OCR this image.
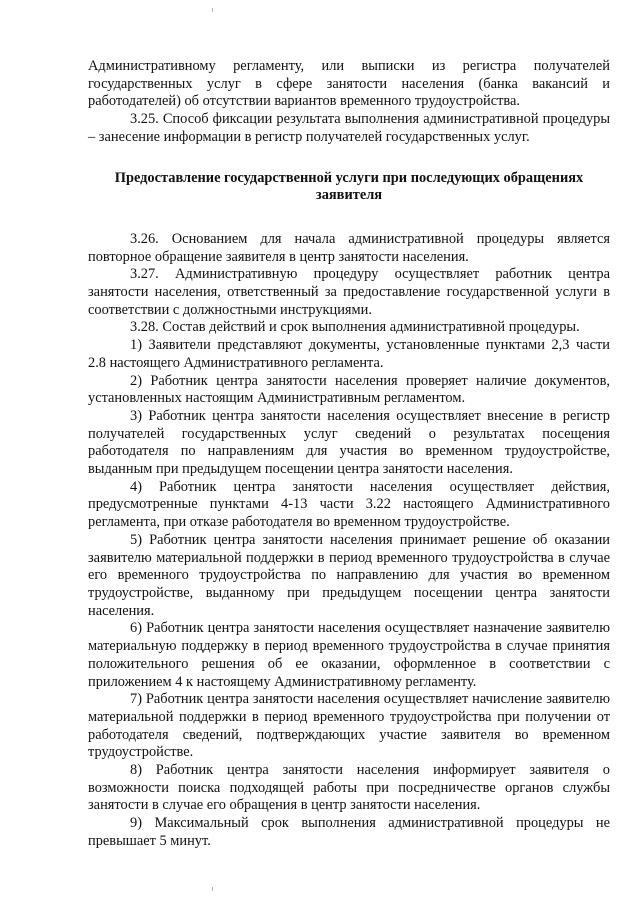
Административному регламенту, или выписки из регистра получателей государственных услуг в сфере занятости населения (банка вакансий и работодателей) об отсутствии вариантов временного трудоустройства.

3.25. Способ фиксации результата выполнения административной процедуры – занесение информации в регистр получателей государственных услуг.

Предоставление государственной услуги при последующих обращениях заявителя

3.26. Основанием для начала административной процедуры является повторное обращение заявителя в центр занятости населения.

3.27. Административную процедуру осуществляет работник центра занятости населения, ответственный за предоставление государственной услуги в соответствии с должностными инструкциями.

3.28. Состав действий и срок выполнения административной процедуры.

1) Заявители представляют документы, установленные пунктами 2,3 части 2.8 настоящего Административного регламента.

2) Работник центра занятости населения проверяет наличие документов, установленных настоящим Административным регламентом.

3) Работник центра занятости населения осуществляет внесение в регистр получателей государственных услуг сведений о результатах посещения работодателя по направлениям для участия во временном трудоустройстве, выданным при предыдущем посещении центра занятости населения.

4) Работник центра занятости населения осуществляет действия, предусмотренные пунктами 4-13 части 3.22 настоящего Административного регламента, при отказе работодателя во временном трудоустройстве.

5) Работник центра занятости населения принимает решение об оказании заявителю материальной поддержки в период временного трудоустройства в случае его временного трудоустройства по направлению для участия во временном трудоустройстве, выданному при предыдущем посещении центра занятости населения.

6) Работник центра занятости населения осуществляет назначение заявителю материальную поддержку в период временного трудоустройства в случае принятия положительного решения об ее оказании, оформленное в соответствии с приложением 4 к настоящему Административному регламенту.

7) Работник центра занятости населения осуществляет начисление заявителю материальной поддержки в период временного трудоустройства при получении от работодателя сведений, подтверждающих участие заявителя во временном трудоустройстве.

8) Работник центра занятости населения информирует заявителя о возможности поиска подходящей работы при посредничестве органов службы занятости в случае его обращения в центр занятости населения.

9) Максимальный срок выполнения административной процедуры не превышает 5 минут.
